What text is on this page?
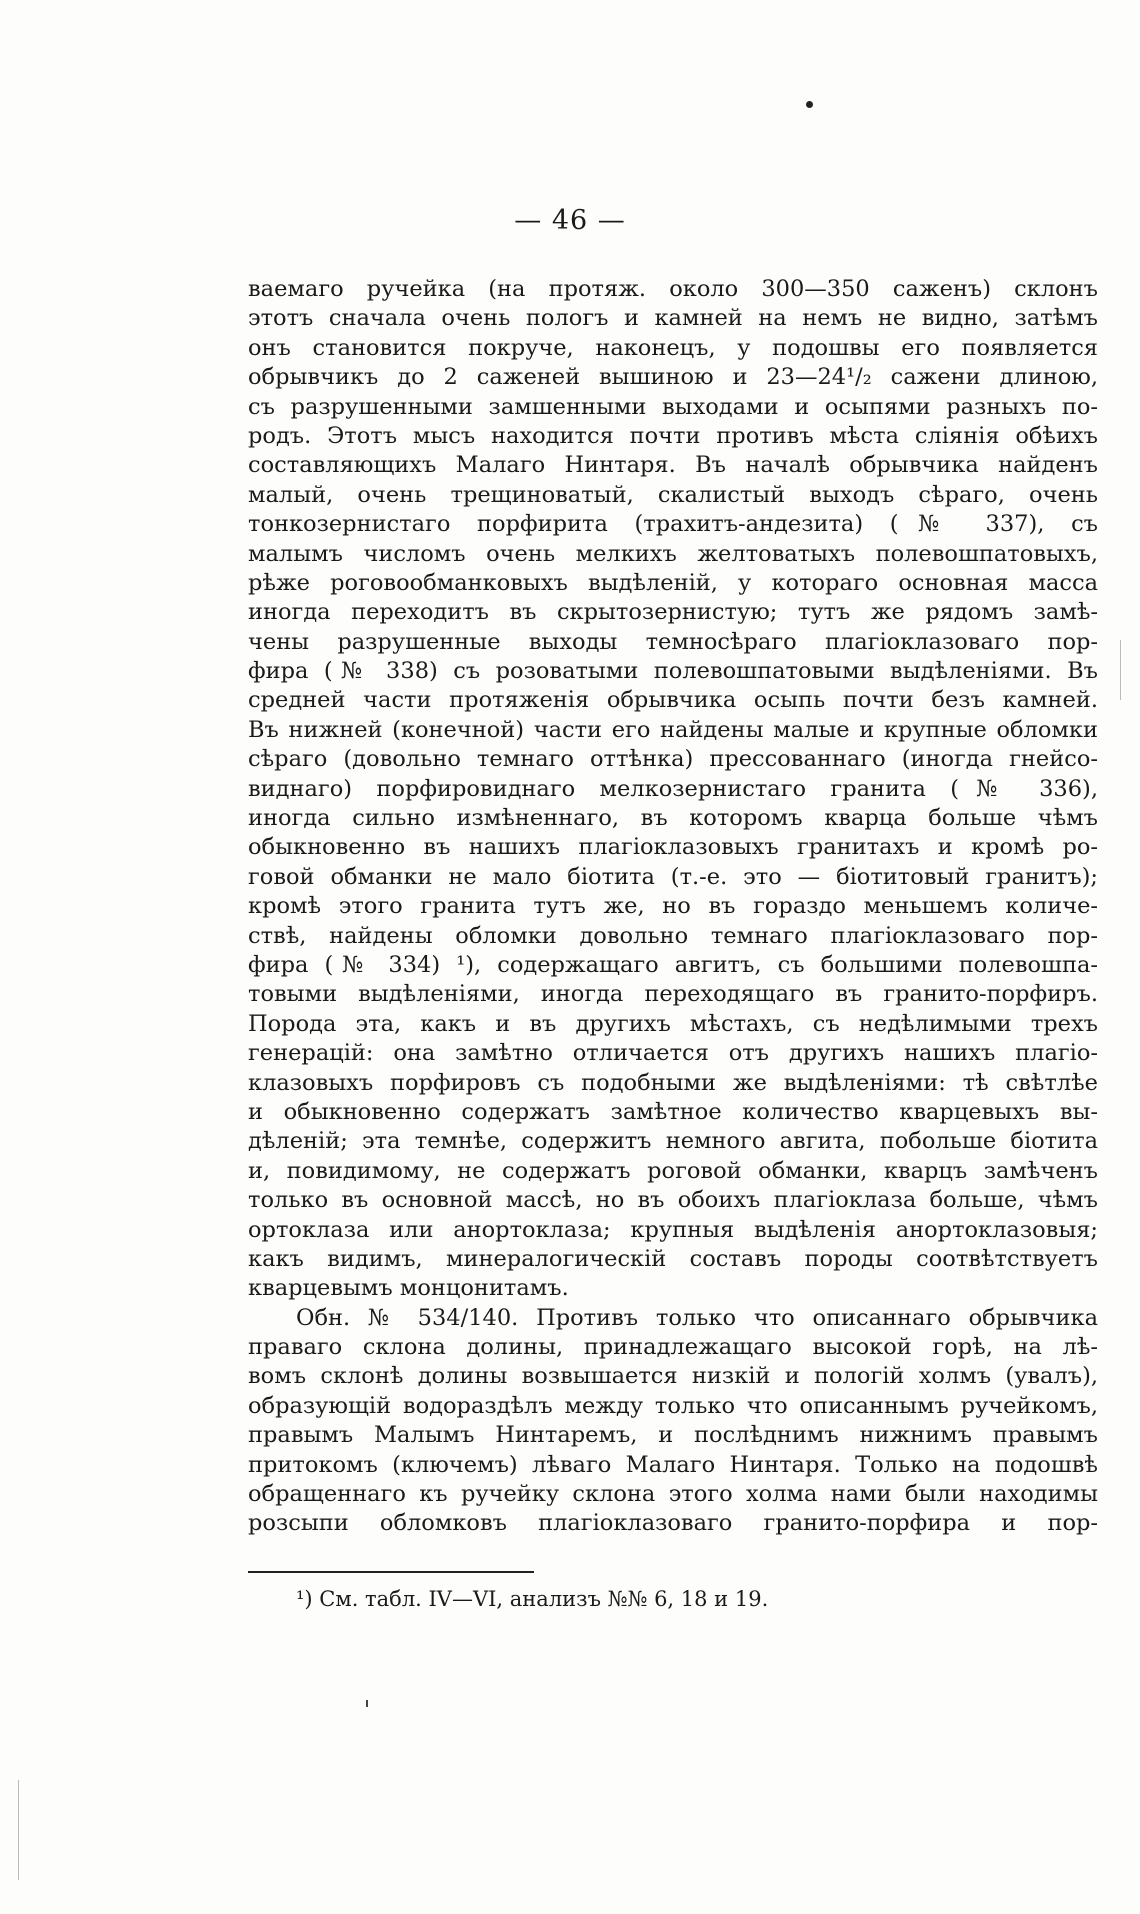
— 46 —
ваемаго ручейка (на протяж. около 300—350 саженъ) склонъ
этотъ сначала очень пологъ и камней на немъ не видно, затѣмъ
онъ становится покруче, наконецъ, у подошвы его появляется
обрывчикъ до 2 саженей вышиною и 23—24¹/₂ сажени длиною,
съ разрушенными замшенными выходами и осыпями разныхъ по-
родъ. Этотъ мысъ находится почти противъ мѣста слiянiя обѣихъ
составляющихъ Малаго Нинтаря. Въ началѣ обрывчика найденъ
малый, очень трещиноватый, скалистый выходъ сѣраго, очень
тонкозернистаго порфирита (трахитъ-андезита) (№ 337), съ
малымъ числомъ очень мелкихъ желтоватыхъ полевошпатовыхъ,
рѣже роговообманковыхъ выдѣленiй, у котораго основная масса
иногда переходитъ въ скрытозернистую; тутъ же рядомъ замѣ-
чены разрушенные выходы темносѣраго плагiоклазоваго пор-
фира (№ 338) съ розоватыми полевошпатовыми выдѣленiями. Въ
средней части протяженiя обрывчика осыпь почти безъ камней.
Въ нижней (конечной) части его найдены малые и крупные обломки
сѣраго (довольно темнаго оттѣнка) прессованнаго (иногда гнейсо-
виднаго) порфировиднаго мелкозернистаго гранита (№ 336),
иногда сильно измѣненнаго, въ которомъ кварца больше чѣмъ
обыкновенно въ нашихъ плагiоклазовыхъ гранитахъ и кромѣ ро-
говой обманки не мало бiотита (т.-е. это — бiотитовый гранитъ);
кромѣ этого гранита тутъ же, но въ гораздо меньшемъ количе-
ствѣ, найдены обломки довольно темнаго плагiоклазоваго пор-
фира (№ 334) ¹), содержащаго авгитъ, съ большими полевошпа-
товыми выдѣленiями, иногда переходящаго въ гранито-порфиръ.
Порода эта, какъ и въ другихъ мѣстахъ, съ недѣлимыми трехъ
генерацiй: она замѣтно отличается отъ другихъ нашихъ плагiо-
клазовыхъ порфировъ съ подобными же выдѣленiями: тѣ свѣтлѣе
и обыкновенно содержатъ замѣтное количество кварцевыхъ вы-
дѣленiй; эта темнѣе, содержитъ немного авгита, побольше бiотита
и, повидимому, не содержатъ роговой обманки, кварцъ замѣченъ
только въ основной массѣ, но въ обоихъ плагiоклаза больше, чѣмъ
ортоклаза или анортоклаза; крупныя выдѣленiя анортоклазовыя;
какъ видимъ, минералогическiй составъ породы соотвѣтствуетъ
кварцевымъ монцонитамъ.
Обн. № 534/140. Противъ только что описаннаго обрывчика
праваго склона долины, принадлежащаго высокой горѣ, на лѣ-
вомъ склонѣ долины возвышается низкiй и пологiй холмъ (увалъ),
образующiй водораздѣлъ между только что описаннымъ ручейкомъ,
правымъ Малымъ Нинтаремъ, и послѣднимъ нижнимъ правымъ
притокомъ (ключемъ) лѣваго Малаго Нинтаря. Только на подошвѣ
обращеннаго къ ручейку склона этого холма нами были находимы
розсыпи обломковъ плагiоклазоваго гранито-порфира и пор-
¹) См. табл. IV—VI, анализъ №№ 6, 18 и 19.
